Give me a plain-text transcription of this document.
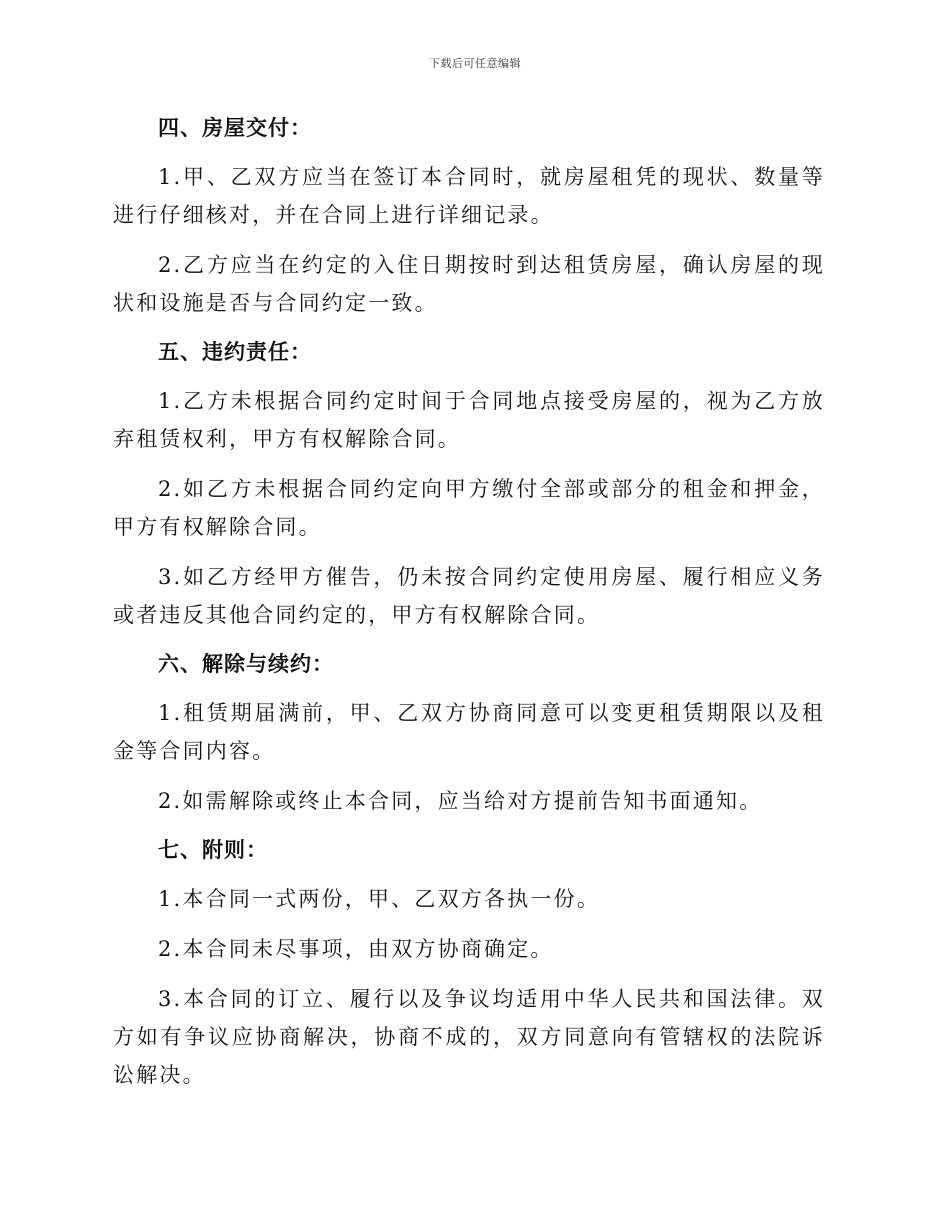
下载后可任意编辑
四、房屋交付：

1.甲、乙双方应当在签订本合同时，就房屋租凭的现状、数量等进行仔细核对，并在合同上进行详细记录。

2.乙方应当在约定的入住日期按时到达租赁房屋，确认房屋的现状和设施是否与合同约定一致。

五、违约责任：

1.乙方未根据合同约定时间于合同地点接受房屋的，视为乙方放弃租赁权利，甲方有权解除合同。

2.如乙方未根据合同约定向甲方缴付全部或部分的租金和押金，甲方有权解除合同。

3.如乙方经甲方催告，仍未按合同约定使用房屋、履行相应义务或者违反其他合同约定的，甲方有权解除合同。

六、解除与续约：

1.租赁期届满前，甲、乙双方协商同意可以变更租赁期限以及租金等合同内容。

2.如需解除或终止本合同，应当给对方提前告知书面通知。

七、附则：

1.本合同一式两份，甲、乙双方各执一份。

2.本合同未尽事项，由双方协商确定。

3.本合同的订立、履行以及争议均适用中华人民共和国法律。双方如有争议应协商解决，协商不成的，双方同意向有管辖权的法院诉讼解决。
